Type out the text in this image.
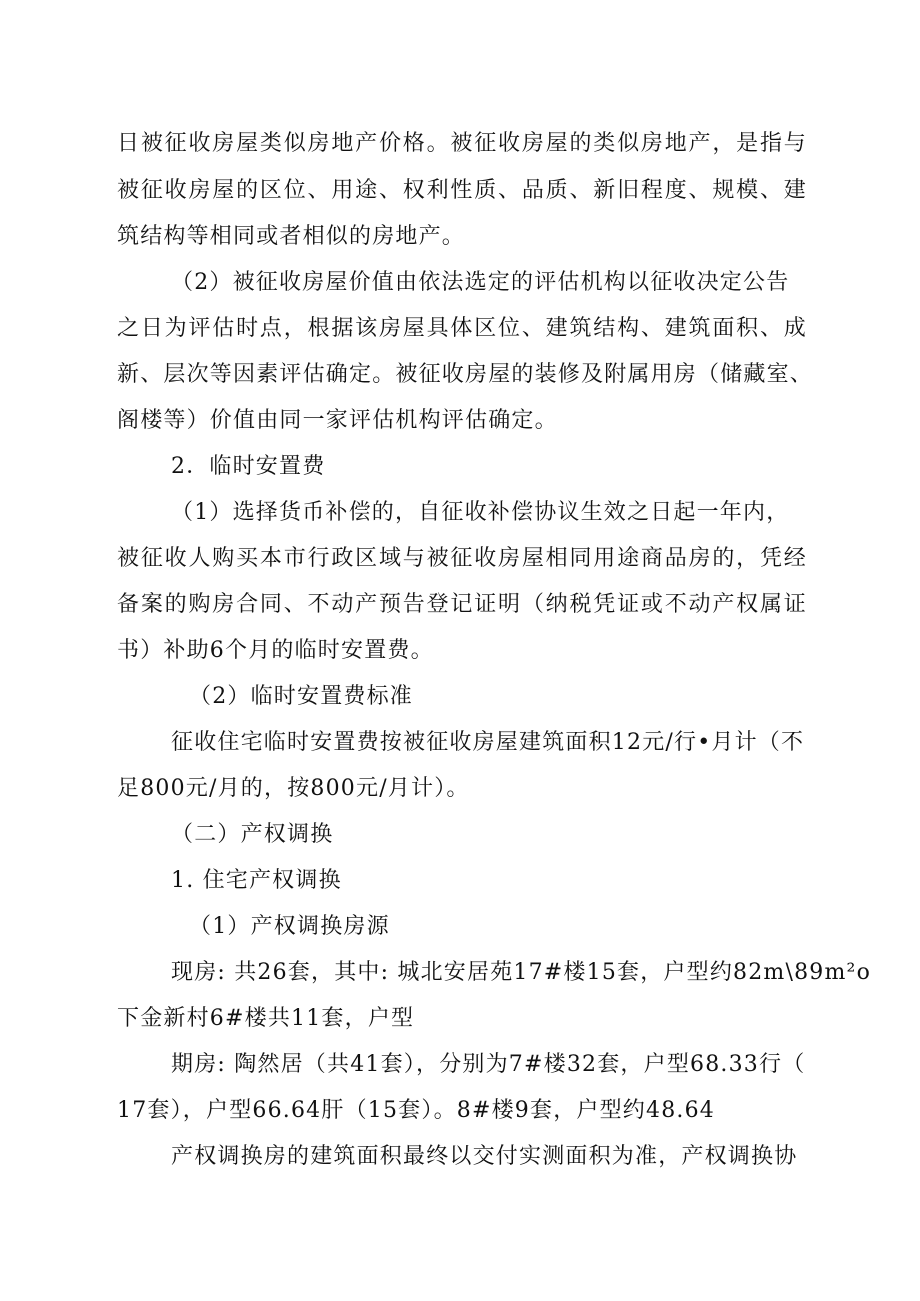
日被征收房屋类似房地产价格。被征收房屋的类似房地产，是指与
被征收房屋的区位、用途、权利性质、品质、新旧程度、规模、建
筑结构等相同或者相似的房地产。
（2）被征收房屋价值由依法选定的评估机构以征收决定公告
之日为评估时点，根据该房屋具体区位、建筑结构、建筑面积、成
新、层次等因素评估确定。被征收房屋的装修及附属用房（储藏室、
阁楼等）价值由同一家评估机构评估确定。
2．临时安置费
（1）选择货币补偿的，自征收补偿协议生效之日起一年内，
被征收人购买本市行政区域与被征收房屋相同用途商品房的，凭经
备案的购房合同、不动产预告登记证明（纳税凭证或不动产权属证
书）补助6个月的临时安置费。
（2）临时安置费标准
征收住宅临时安置费按被征收房屋建筑面积12元/行•月计（不
足800元/月的，按800元/月计）。
（二）产权调换
1. 住宅产权调换
（1）产权调换房源
现房: 共26套，其中: 城北安居苑17#楼15套，户型约82m\89m²o
下金新村6#楼共11套，户型
期房: 陶然居（共41套），分别为7#楼32套，户型68.33行（
17套），户型66.64肝（15套）。8#楼9套，户型约48.64
产权调换房的建筑面积最终以交付实测面积为准，产权调换协
